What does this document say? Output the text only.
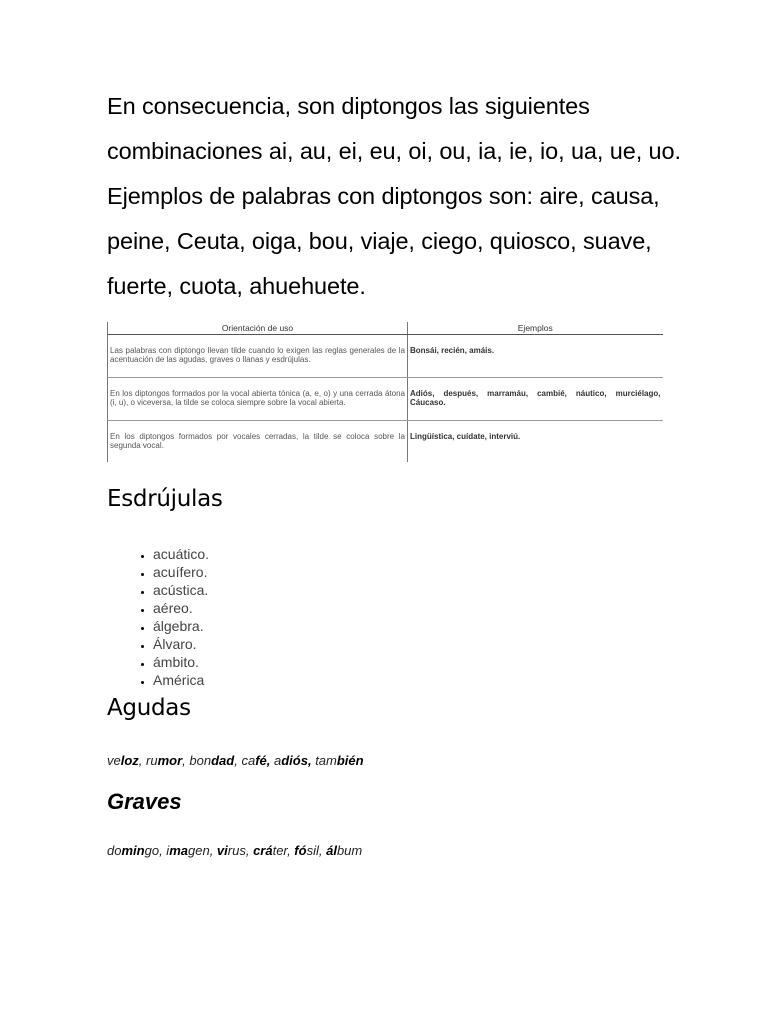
En consecuencia, son diptongos las siguientes combinaciones ai, au, ei, eu, oi, ou, ia, ie, io, ua, ue, uo. Ejemplos de palabras con diptongos son: aire, causa, peine, Ceuta, oiga, bou, viaje, ciego, quiosco, suave, fuerte, cuota, ahuehuete.

Orientación de uso	Ejemplos
Las palabras con diptongo llevan tilde cuando lo exigen las reglas generales de la acentuación de las agudas, graves o llanas y esdrújulas.	Bonsái, recién, amáis.
En los diptongos formados por la vocal abierta tónica (a, e, o) y una cerrada átona (i, u), o viceversa, la tilde se coloca siempre sobre la vocal abierta.	Adiós, después, marramáu, cambié, náutico, murciélago, Cáucaso.
En los diptongos formados por vocales cerradas, la tilde se coloca sobre la segunda vocal.	Lingüística, cuídate, interviú.
Esdrújulas
• acuático.
• acuífero.
• acústica.
• aéreo.
• álgebra.
• Álvaro.
• ámbito.
• América
Agudas

veloz, rumor, bondad, café, adiós, también

Graves

domingo, imagen, virus, cráter, fósil, álbum
